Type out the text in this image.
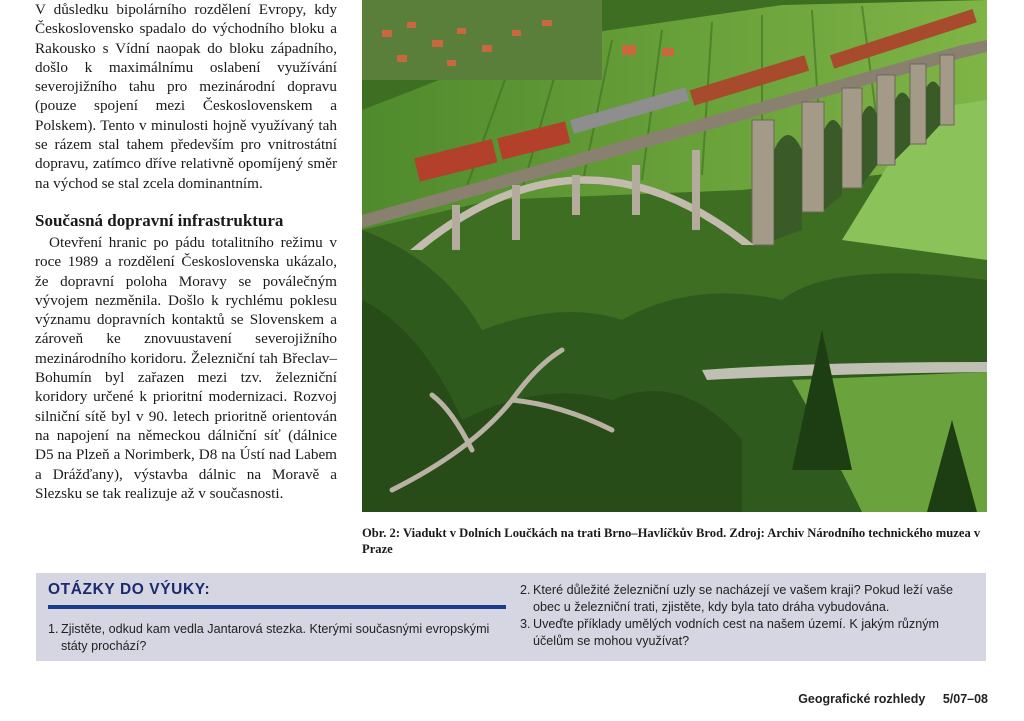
V důsledku bipolárního rozdělení Evropy, kdy Československo spadalo do východního bloku a Rakousko s Vídní naopak do bloku západního, došlo k maximálnímu oslabení využívání severojižního tahu pro mezinárodní dopravu (pouze spojení mezi Československem a Polskem). Tento v minulosti hojně využívaný tah se rázem stal tahem především pro vnitrostátní dopravu, zatímco dříve relativně opomíjený směr na východ se stal zcela dominantním.

Současná dopravní infrastruktura

Otevření hranic po pádu totalitního režimu v roce 1989 a rozdělení Československa ukázalo, že dopravní poloha Moravy se poválečným vývojem nezměnila. Došlo k rychlému poklesu významu dopravních kontaktů se Slovenskem a zároveň ke znovuustavení severojižního mezinárodního koridoru. Železniční tah Břeclav–Bohumín byl zařazen mezi tzv. železniční koridory určené k prioritní modernizaci. Rozvoj silniční sítě byl v 90. letech prioritně orientován na napojení na německou dálniční síť (dálnice D5 na Plzeň a Norimberk, D8 na Ústí nad Labem a Drážďany), výstavba dálnic na Moravě a Slezsku se tak realizuje až v současnosti.

Obr. 2: Viadukt v Dolních Loučkách na trati Brno–Havlíčkův Brod. Zdroj: Archiv Národního technického muzea v Praze

OTÁZKY DO VÝUKY:
1. Zjistěte, odkud kam vedla Jantarová stezka. Kterými současnými evropskými státy prochází?
2. Které důležité železniční uzly se nacházejí ve vašem kraji? Pokud leží vaše obec u železniční trati, zjistěte, kdy byla tato dráha vybudována.
3. Uveďte příklady umělých vodních cest na našem území. K jakým různým účelům se mohou využívat?
Geografické rozhledy 5/07–08
